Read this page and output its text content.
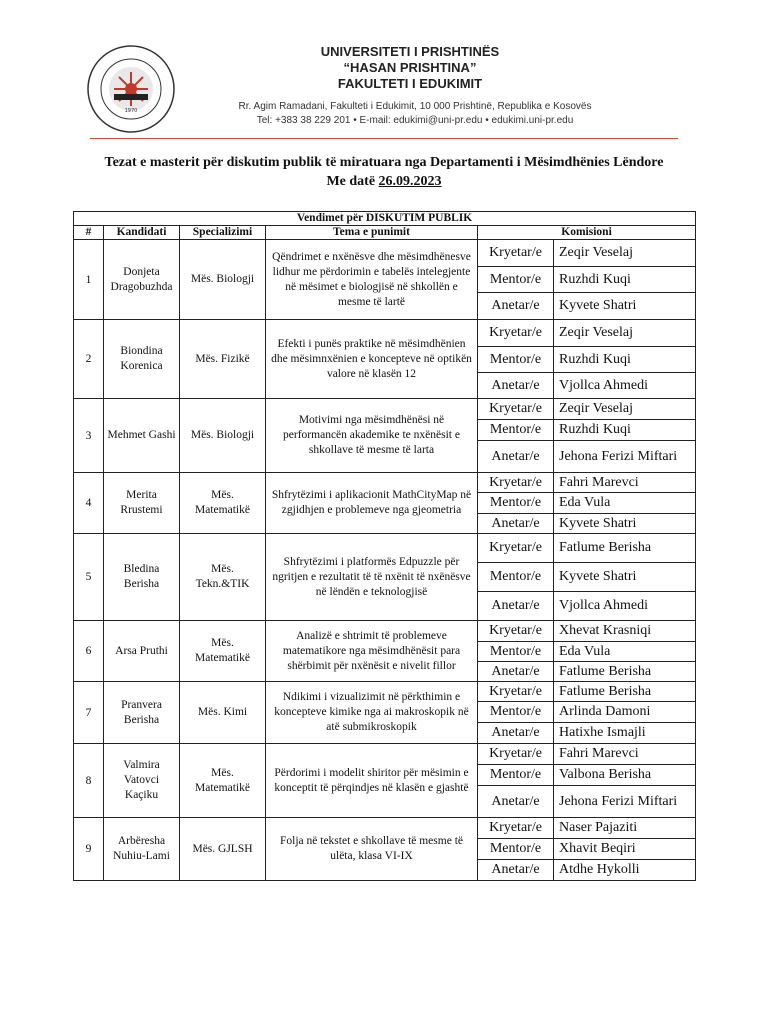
1970
UNIVERSITETI I PRISHTINËS
“HASAN PRISHTINA”
FAKULTETI I EDUKIMIT
Rr. Agim Ramadani, Fakulteti i Edukimit, 10 000 Prishtinë, Republika e Kosovës
Tel: +383 38 229 201 • E-mail: edukimi@uni-pr.edu • edukimi.uni-pr.edu
Tezat e masterit për diskutim publik të miratuara nga Departamenti i Mësimdhënies Lëndore
Me datë 26.09.2023
Vendimet për DISKUTIM PUBLIK					
#	Kandidati	Specializimi	Tema e punimit	Komisioni	
1	Donjeta Dragobuzhda	Mës. Biologji	Qëndrimet e nxënësve dhe mësimdhënesve lidhur me përdorimin e tabelës intelegjente në mësimet e biologjisë në shkollën e mesme të lartë	Kryetar/e	Zeqir Veselaj
				Mentor/e	Ruzhdi Kuqi
				Anetar/e	Kyvete Shatri
2	Biondina Korenica	Mës. Fizikë	Efekti i punës praktike në mësimdhënien dhe mësimnxënien e koncepteve në optikën valore në klasën 12	Kryetar/e	Zeqir Veselaj
				Mentor/e	Ruzhdi Kuqi
				Anetar/e	Vjollca Ahmedi
3	Mehmet Gashi	Mës. Biologji	Motivimi nga mësimdhënësi në performancën akademike te nxënësit e shkollave të mesme të larta	Kryetar/e	Zeqir Veselaj
				Mentor/e	Ruzhdi Kuqi
				Anetar/e	Jehona Ferizi Miftari
4	Merita Rrustemi	Mës. Matematikë	Shfrytëzimi i aplikacionit MathCityMap në zgjidhjen e problemeve nga gjeometria	Kryetar/e	Fahri Marevci
				Mentor/e	Eda Vula
				Anetar/e	Kyvete Shatri
5	Bledina Berisha	Mës. Tekn.&TIK	Shfrytëzimi i platformës Edpuzzle për ngritjen e rezultatit të të nxënit të nxënësve në lëndën e teknologjisë	Kryetar/e	Fatlume Berisha
				Mentor/e	Kyvete Shatri
				Anetar/e	Vjollca Ahmedi
6	Arsa Pruthi	Mës. Matematikë	Analizë e shtrimit të problemeve matematikore nga mësimdhënësit para shërbimit për nxënësit e nivelit fillor	Kryetar/e	Xhevat Krasniqi
				Mentor/e	Eda Vula
				Anetar/e	Fatlume Berisha
7	Pranvera Berisha	Mës. Kimi	Ndikimi i vizualizimit në përkthimin e koncepteve kimike nga ai makroskopik në atë submikroskopik	Kryetar/e	Fatlume Berisha
				Mentor/e	Arlinda Damoni
				Anetar/e	Hatixhe Ismajli
8	Valmira Vatovci Kaçiku	Mës. Matematikë	Përdorimi i modelit shiritor për mësimin e konceptit të përqindjes në klasën e gjashtë	Kryetar/e	Fahri Marevci
				Mentor/e	Valbona Berisha
				Anetar/e	Jehona Ferizi Miftari
9	Arbëresha Nuhiu-Lami	Mës. GJLSH	Folja në tekstet e shkollave të mesme të ulëta, klasa VI-IX	Kryetar/e	Naser Pajaziti
				Mentor/e	Xhavit Beqiri
				Anetar/e	Atdhe Hykolli
